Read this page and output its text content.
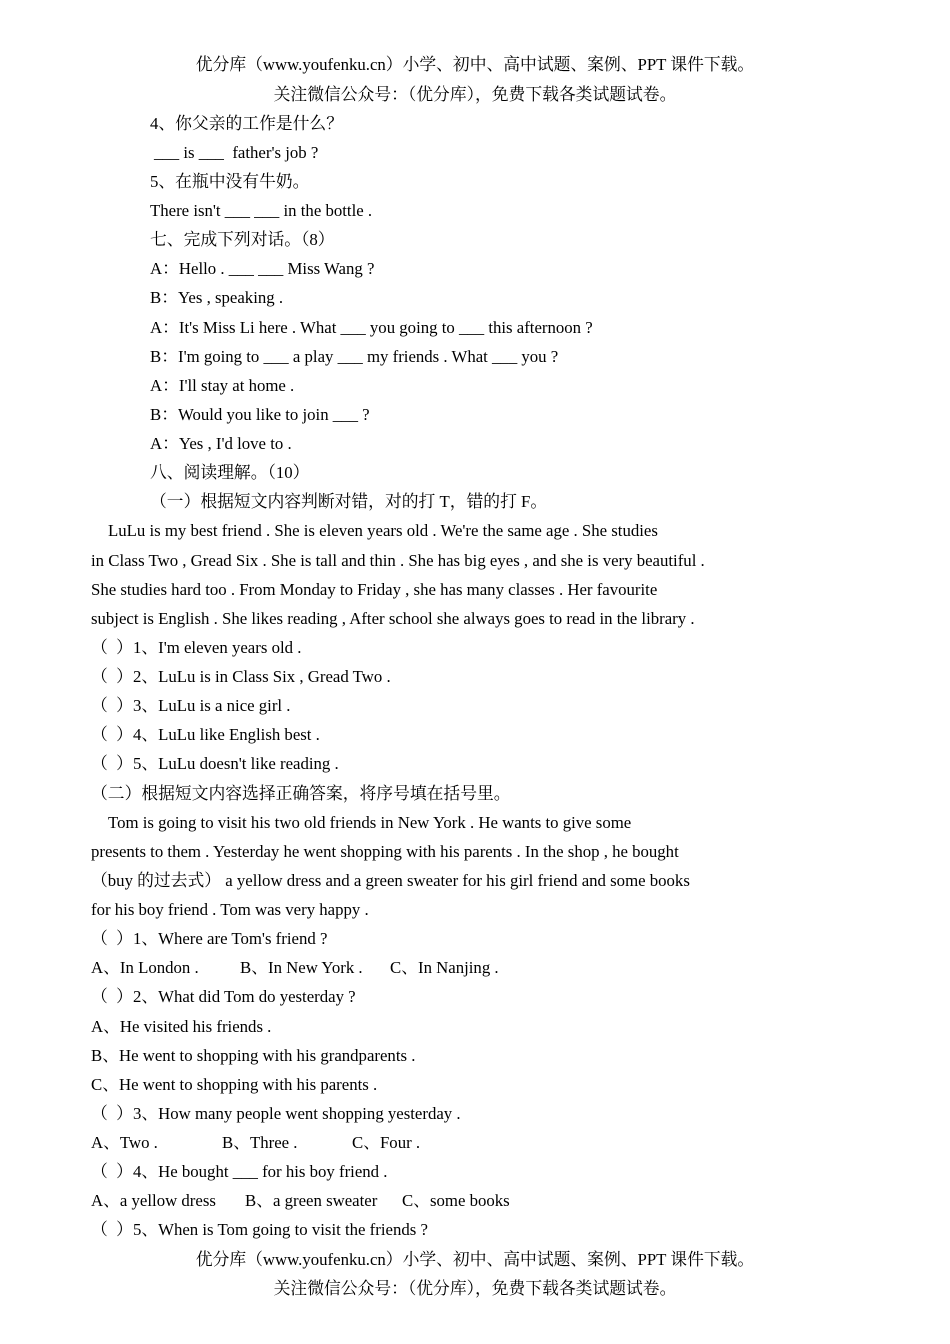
优分库（www.youfenku.cn）小学、初中、高中试题、案例、PPT 课件下载。
关注微信公众号：（优分库），免费下载各类试题试卷。
4、你父亲的工作是什么？
___ is ___  father's job ?
5、在瓶中没有牛奶。
There isn't ___ ___ in the bottle .
七、完成下列对话。（8）
A：Hello . ___ ___ Miss Wang ?
B：Yes , speaking .
A：It's Miss Li here . What ___ you going to ___ this afternoon ?
B：I'm going to ___ a play ___ my friends . What ___ you ?
A：I'll stay at home .
B：Would you like to join ___ ?
A：Yes , I'd love to .
八、阅读理解。（10）
（一）根据短文内容判断对错，对的打 T，错的打 F。
LuLu is my best friend . She is eleven years old . We're the same age . She studies
in Class Two , Gread Six . She is tall and thin . She has big eyes , and she is very beautiful .
She studies hard too . From Monday to Friday , she has many classes . Her favourite
subject is English . She likes reading , After school she always goes to read in the library .
（  ）1、I'm eleven years old .
（  ）2、LuLu is in Class Six , Gread Two .
（  ）3、LuLu is a nice girl .
（  ）4、LuLu like English best .
（  ）5、LuLu doesn't like reading .
（二）根据短文内容选择正确答案，将序号填在括号里。
Tom is going to visit his two old friends in New York . He wants to give some
presents to them . Yesterday he went shopping with his parents . In the shop , he bought
（buy 的过去式） a yellow dress and a green sweater for his girl friend and some books
for his boy friend . Tom was very happy .
（  ）1、Where are Tom's friend ?
A、In London . B、In New York . C、In Nanjing .
（  ）2、What did Tom do yesterday ?
A、He visited his friends .
B、He went to shopping with his grandparents .
C、He went to shopping with his parents .
（  ）3、How many people went shopping yesterday .
A、Two .	B、Three .	C、Four .
（  ）4、He bought ___ for his boy friend .
A、a yellow dress B、a green sweater C、some books
（  ）5、When is Tom going to visit the friends ?
优分库（www.youfenku.cn）小学、初中、高中试题、案例、PPT 课件下载。
关注微信公众号：（优分库），免费下载各类试题试卷。
